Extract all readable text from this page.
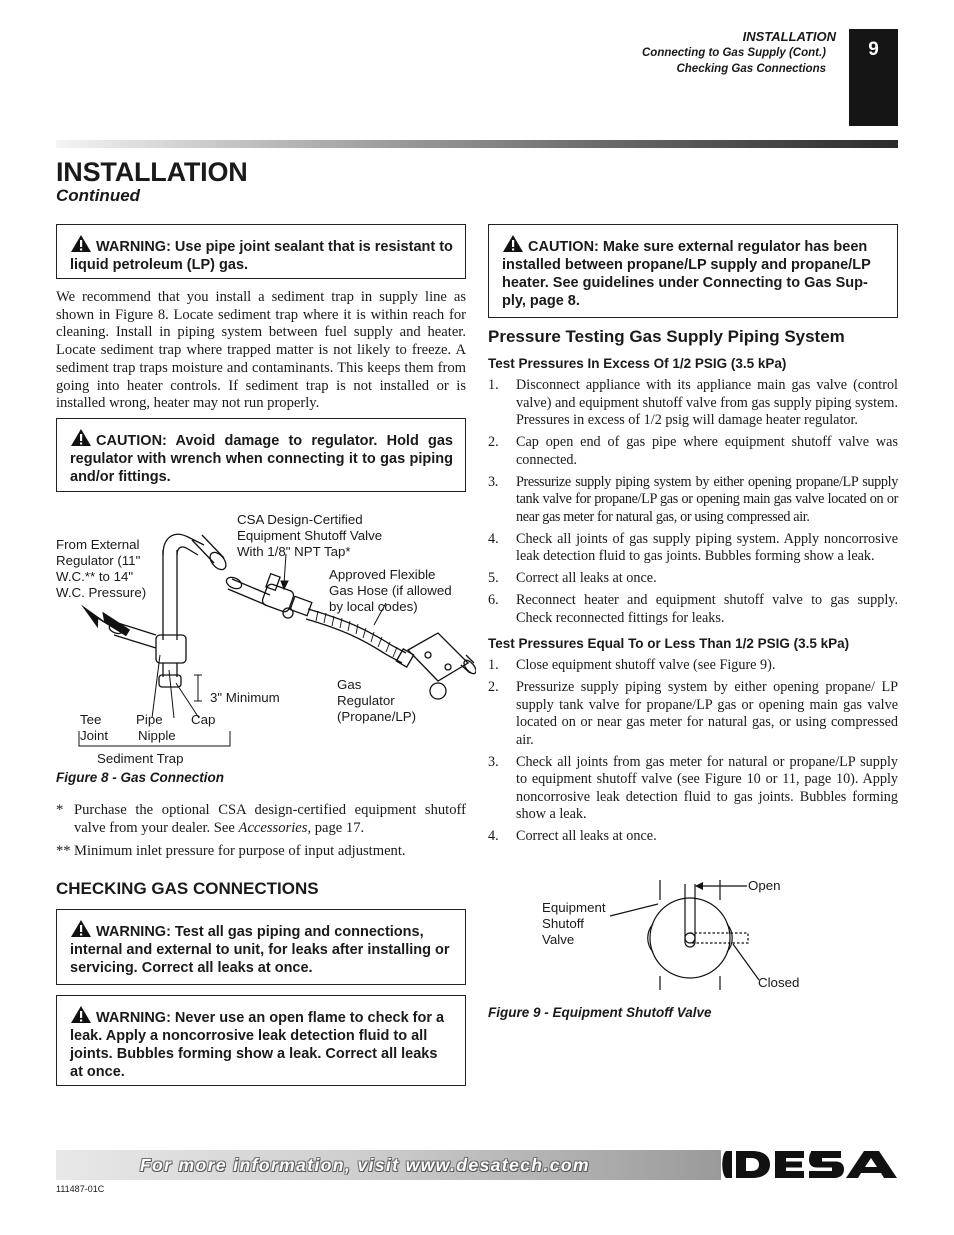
INSTALLATION
Connecting to Gas Supply (Cont.)
Checking Gas Connections
9
INSTALLATION
Continued
WARNING: Use pipe joint sealant that is resistant to liquid petroleum (LP) gas.
We recommend that you install a sediment trap in supply line as shown in Figure 8. Locate sediment trap where it is within reach for cleaning. Install in piping system between fuel supply and heater. Locate sediment trap where trapped matter is not likely to freeze. A sediment trap traps moisture and contaminants. This keeps them from going into heater controls. If sediment trap is not installed or is installed wrong, heater may not run properly.
CAUTION: Avoid damage to regulator. Hold gas regulator with wrench when connecting it to gas piping and/or fittings.
From External
Regulator (11"
W.C.** to 14"
W.C. Pressure)
CSA Design-Certified
Equipment Shutoff Valve
With 1/8" NPT Tap*
Approved Flexible
Gas Hose (if allowed
by local codes)
3" Minimum
Gas
Regulator
(Propane/LP)
Tee
Joint
Pipe
Nipple
Cap
Sediment Trap
Figure 8 - Gas Connection
* Purchase the optional CSA design-certified equipment shutoff valve from your dealer. See Accessories, page 17.
** Minimum inlet pressure for purpose of input adjustment.
CHECKING GAS CONNECTIONS
WARNING: Test all gas piping and connections, internal and external to unit, for leaks after installing or servicing. Correct all leaks at once.
WARNING: Never use an open flame to check for a leak. Apply a noncorrosive leak detection fluid to all joints. Bubbles forming show a leak. Correct all leaks at once.
CAUTION: Make sure external regulator has been installed between propane/LP supply and propane/LP heater. See guidelines under Connecting to Gas Sup-ply, page 8.
Pressure Testing Gas Supply Piping System
Test Pressures In Excess Of 1/2 PSIG (3.5 kPa)
1. Disconnect appliance with its appliance main gas valve (control valve) and equipment shutoff valve from gas supply piping system. Pressures in excess of 1/2 psig will damage heater regulator.
2. Cap open end of gas pipe where equipment shutoff valve was connected.
3. Pressurize supply piping system by either opening propane/LP supply tank valve for propane/LP gas or opening main gas valve located on or near gas meter for natural gas, or using compressed air.
4. Check all joints of gas supply piping system. Apply noncorrosive leak detection fluid to gas joints. Bubbles forming show a leak.
5. Correct all leaks at once.
6. Reconnect heater and equipment shutoff valve to gas supply. Check reconnected fittings for leaks.
Test Pressures Equal To or Less Than 1/2 PSIG (3.5 kPa)
1. Close equipment shutoff valve (see Figure 9).
2. Pressurize supply piping system by either opening propane/ LP supply tank valve for propane/LP gas or opening main gas valve located on or near gas meter for natural gas, or using compressed air.
3. Check all joints from gas meter for natural or propane/LP supply to equipment shutoff valve (see Figure 10 or 11, page 10). Apply noncorrosive leak detection fluid to gas joints. Bubbles forming show a leak.
4. Correct all leaks at once.
Equipment
Shutoff
Valve
Open
Closed
Figure 9 - Equipment Shutoff Valve
For more information, visit www.desatech.com
111487-01C
